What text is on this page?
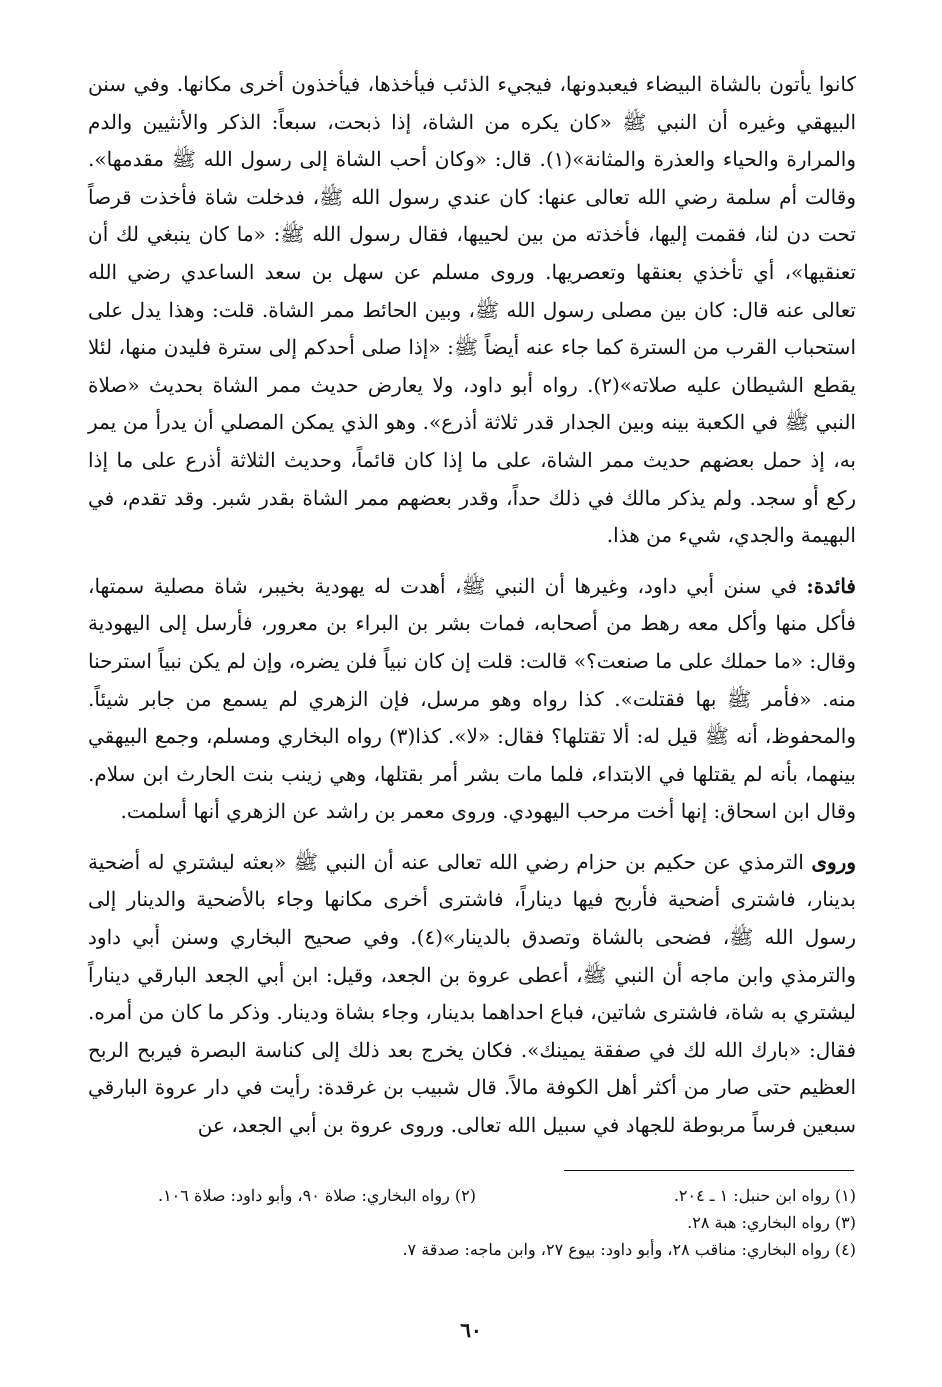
كانوا يأتون بالشاة البيضاء فيعبدونها، فيجيء الذئب فيأخذها، فيأخذون أخرى مكانها. وفي سنن البيهقي وغيره أن النبي ﷺ «كان يكره من الشاة، إذا ذبحت، سبعاً: الذكر والأنثيين والدم والمرارة والحياء والعذرة والمثانة»(١). قال: «وكان أحب الشاة إلى رسول الله ﷺ مقدمها». وقالت أم سلمة رضي الله تعالى عنها: كان عندي رسول الله ﷺ، فدخلت شاة فأخذت قرصاً تحت دن لنا، فقمت إليها، فأخذته من بين لحييها، فقال رسول الله ﷺ: «ما كان ينبغي لك أن تعنقيها»، أي تأخذي بعنقها وتعصريها. وروى مسلم عن سهل بن سعد الساعدي رضي الله تعالى عنه قال: كان بين مصلى رسول الله ﷺ، وبين الحائط ممر الشاة. قلت: وهذا يدل على استحباب القرب من السترة كما جاء عنه أيضاً ﷺ: «إذا صلى أحدكم إلى سترة فليدن منها، لئلا يقطع الشيطان عليه صلاته»(٢). رواه أبو داود، ولا يعارض حديث ممر الشاة بحديث «صلاة النبي ﷺ في الكعبة بينه وبين الجدار قدر ثلاثة أذرع». وهو الذي يمكن المصلي أن يدرأ من يمر به، إذ حمل بعضهم حديث ممر الشاة، على ما إذا كان قائماً، وحديث الثلاثة أذرع على ما إذا ركع أو سجد. ولم يذكر مالك في ذلك حداً، وقدر بعضهم ممر الشاة بقدر شبر. وقد تقدم، في البهيمة والجدي، شيء من هذا.

فائدة: في سنن أبي داود، وغيرها أن النبي ﷺ، أهدت له يهودية بخيبر، شاة مصلية سمتها، فأكل منها وأكل معه رهط من أصحابه، فمات بشر بن البراء بن معرور، فأرسل إلى اليهودية وقال: «ما حملك على ما صنعت؟» قالت: قلت إن كان نبياً فلن يضره، وإن لم يكن نبياً استرحنا منه. «فأمر ﷺ بها فقتلت». كذا رواه وهو مرسل، فإن الزهري لم يسمع من جابر شيئاً. والمحفوظ، أنه ﷺ قيل له: ألا تقتلها؟ فقال: «لا». كذا(٣) رواه البخاري ومسلم، وجمع البيهقي بينهما، بأنه لم يقتلها في الابتداء، فلما مات بشر أمر بقتلها، وهي زينب بنت الحارث ابن سلام. وقال ابن اسحاق: إنها أخت مرحب اليهودي. وروى معمر بن راشد عن الزهري أنها أسلمت.

وروى الترمذي عن حكيم بن حزام رضي الله تعالى عنه أن النبي ﷺ «بعثه ليشتري له أضحية بدينار، فاشترى أضحية فأربح فيها ديناراً، فاشترى أخرى مكانها وجاء بالأضحية والدينار إلى رسول الله ﷺ، فضحى بالشاة وتصدق بالدينار»(٤). وفي صحيح البخاري وسنن أبي داود والترمذي وابن ماجه أن النبي ﷺ، أعطى عروة بن الجعد، وقيل: ابن أبي الجعد البارقي ديناراً ليشتري به شاة، فاشترى شاتين، فباع احداهما بدينار، وجاء بشاة ودينار. وذكر ما كان من أمره. فقال: «بارك الله لك في صفقة يمينك». فكان يخرج بعد ذلك إلى كناسة البصرة فيربح الربح العظيم حتى صار من أكثر أهل الكوفة مالاً. قال شبيب بن غرقدة: رأيت في دار عروة البارقي سبعين فرساً مربوطة للجهاد في سبيل الله تعالى. وروى عروة بن أبي الجعد، عن

(١) رواه ابن حنبل: ١ ـ ٢٠٤.
(٢) رواه البخاري: صلاة ٩٠، وأبو داود: صلاة ١٠٦.
(٣) رواه البخاري: هبة ٢٨.
(٤) رواه البخاري: مناقب ٢٨، وأبو داود: بيوع ٢٧، وابن ماجه: صدقة ٧.
٦٠
